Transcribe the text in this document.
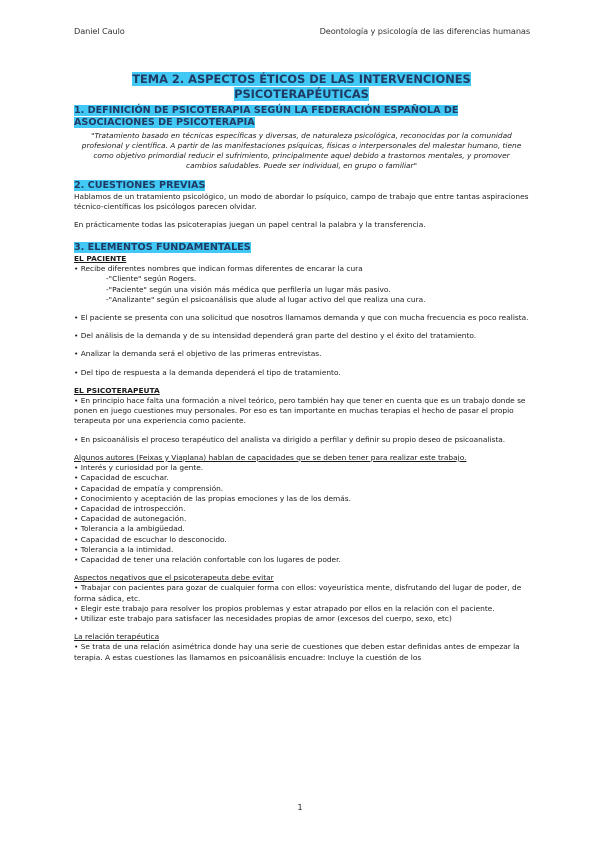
Daniel Caulo	Deontología y psicología de las diferencias humanas
TEMA 2. ASPECTOS ÉTICOS DE LAS INTERVENCIONES PSICOTERAPÉUTICAS
1. DEFINICIÓN DE PSICOTERAPIA SEGÚN LA FEDERACIÓN ESPAÑOLA DE ASOCIACIONES DE PSICOTERAPIA
"Tratamiento basado en técnicas específicas y diversas, de naturaleza psicológica, reconocidas por la comunidad profesional y científica. A partir de las manifestaciones psíquicas, físicas o interpersonales del malestar humano, tiene como objetivo primordial reducir el sufrimiento, principalmente aquel debido a trastornos mentales, y promover cambios saludables. Puede ser individual, en grupo o familiar"
2. CUESTIONES PREVIAS

Hablamos de un tratamiento psicológico, un modo de abordar lo psíquico, campo de trabajo que entre tantas aspiraciones técnico-científicas los psicólogos parecen olvidar.

En prácticamente todas las psicoterapias juegan un papel central la palabra y la transferencia.

3. ELEMENTOS FUNDAMENTALES
EL PACIENTE

• Recibe diferentes nombres que indican formas diferentes de encarar la cura

-"Cliente" según Rogers.

-"Paciente" según una visión más médica que perfilería un lugar más pasivo.

-"Analizante" según el psicoanálisis que alude al lugar activo del que realiza una cura.

• El paciente se presenta con una solicitud que nosotros llamamos demanda y que con mucha frecuencia es poco realista.

• Del análisis de la demanda y de su intensidad dependerá gran parte del destino y el éxito del tratamiento.

• Analizar la demanda será el objetivo de las primeras entrevistas.

• Del tipo de respuesta a la demanda dependerá el tipo de tratamiento.

EL PSICOTERAPEUTA

• En principio hace falta una formación a nivel teórico, pero también hay que tener en cuenta que es un trabajo donde se ponen en juego cuestiones muy personales. Por eso es tan importante en muchas terapias el hecho de pasar el propio terapeuta por una experiencia como paciente.

• En psicoanálisis el proceso terapéutico del analista va dirigido a perfilar y definir su propio deseo de psicoanalista.

Algunos autores (Feixas y Viaplana) hablan de capacidades que se deben tener para realizar este trabajo.
• Interés y curiosidad por la gente.
• Capacidad de escuchar.
• Capacidad de empatía y comprensión.
• Conocimiento y aceptación de las propias emociones y las de los demás.
• Capacidad de introspección.
• Capacidad de autonegación.
• Tolerancia a la ambigüedad.
• Capacidad de escuchar lo desconocido.
• Tolerancia a la intimidad.
• Capacidad de tener una relación confortable con los lugares de poder.
Aspectos negativos que el psicoterapeuta debe evitar
• Trabajar con pacientes para gozar de cualquier forma con ellos: voyeurística mente, disfrutando del lugar de poder, de forma sádica, etc.
• Elegir este trabajo para resolver los propios problemas y estar atrapado por ellos en la relación con el paciente.
• Utilizar este trabajo para satisfacer las necesidades propias de amor (excesos del cuerpo, sexo, etc)
La relación terapéutica

• Se trata de una relación asimétrica donde hay una serie de cuestiones que deben estar definidas antes de empezar la terapia. A estas cuestiones las llamamos en psicoanálisis encuadre: Incluye la cuestión de los

1
